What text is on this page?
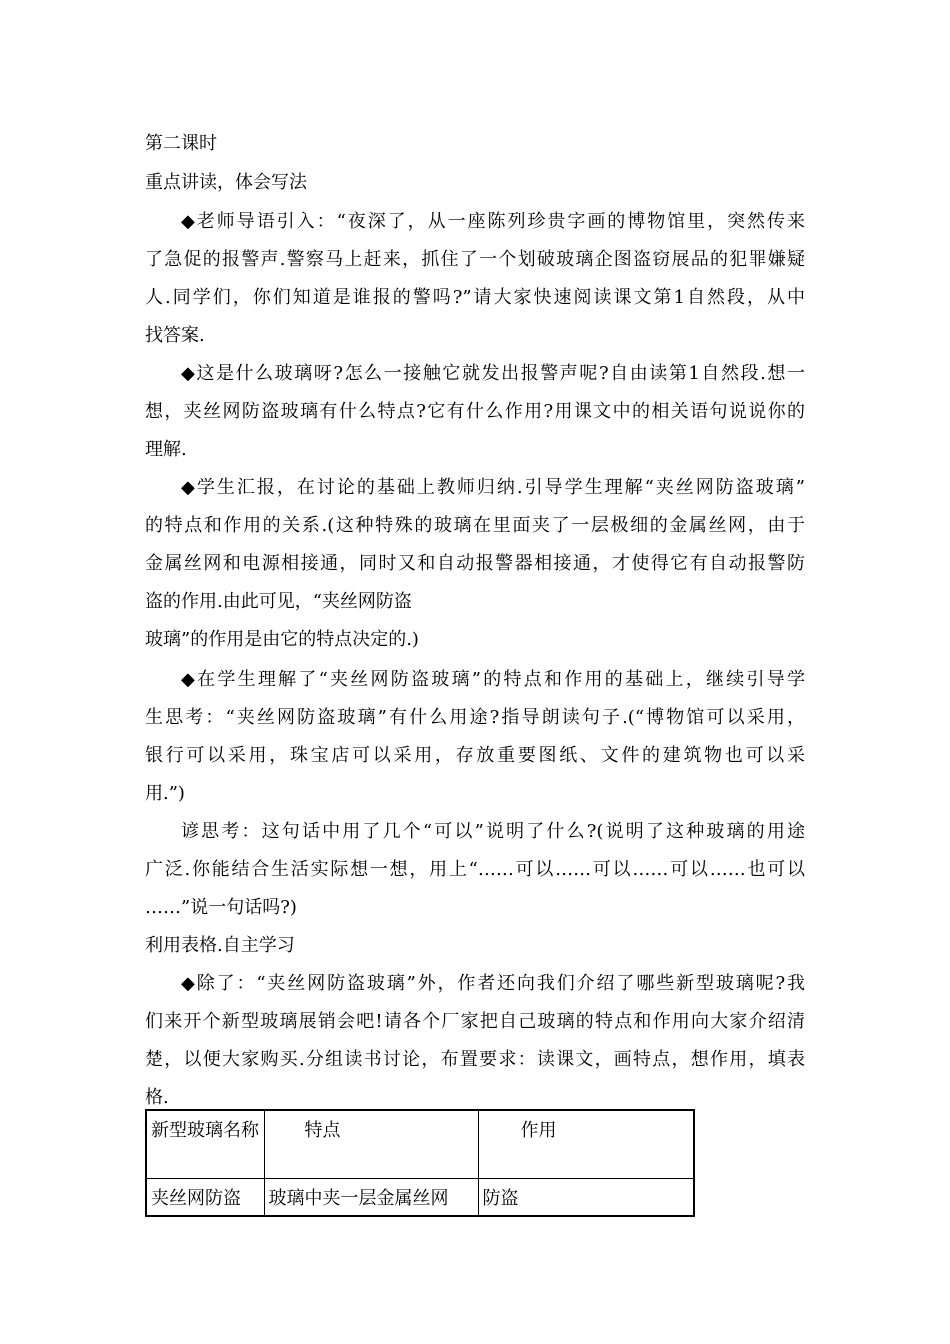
第二课时
重点讲读，体会写法
◆老师导语引入：“夜深了，从一座陈列珍贵字画的博物馆里，突然传来
了急促的报警声.警察马上赶来，抓住了一个划破玻璃企图盗窃展品的犯罪嫌疑
人.同学们，你们知道是谁报的警吗?”请大家快速阅读课文第1自然段，从中
找答案.
◆这是什么玻璃呀?怎么一接触它就发出报警声呢?自由读第1自然段.想一
想，夹丝网防盗玻璃有什么特点?它有什么作用?用课文中的相关语句说说你的
理解.
◆学生汇报，在讨论的基础上教师归纳.引导学生理解“夹丝网防盗玻璃”
的特点和作用的关系.(这种特殊的玻璃在里面夹了一层极细的金属丝网，由于
金属丝网和电源相接通，同时又和自动报警器相接通，才使得它有自动报警防
盗的作用.由此可见，“夹丝网防盗
玻璃”的作用是由它的特点决定的.)
◆在学生理解了“夹丝网防盗玻璃”的特点和作用的基础上，继续引导学
生思考：“夹丝网防盗玻璃”有什么用途?指导朗读句子.(“博物馆可以采用，
银行可以采用，珠宝店可以采用，存放重要图纸、文件的建筑物也可以采
用.”)
谚思考：这句话中用了几个“可以”说明了什么?(说明了这种玻璃的用途
广泛.你能结合生活实际想一想，用上“……可以……可以……可以……也可以
……”说一句话吗?)
利用表格.自主学习
◆除了：“夹丝网防盗玻璃”外，作者还向我们介绍了哪些新型玻璃呢?我
们来开个新型玻璃展销会吧!请各个厂家把自己玻璃的特点和作用向大家介绍清
楚，以便大家购买.分组读书讨论，布置要求：读课文，画特点，想作用，填表
格.
新型玻璃名称	特点	作用
夹丝网防盗	玻璃中夹一层金属丝网	防盗
